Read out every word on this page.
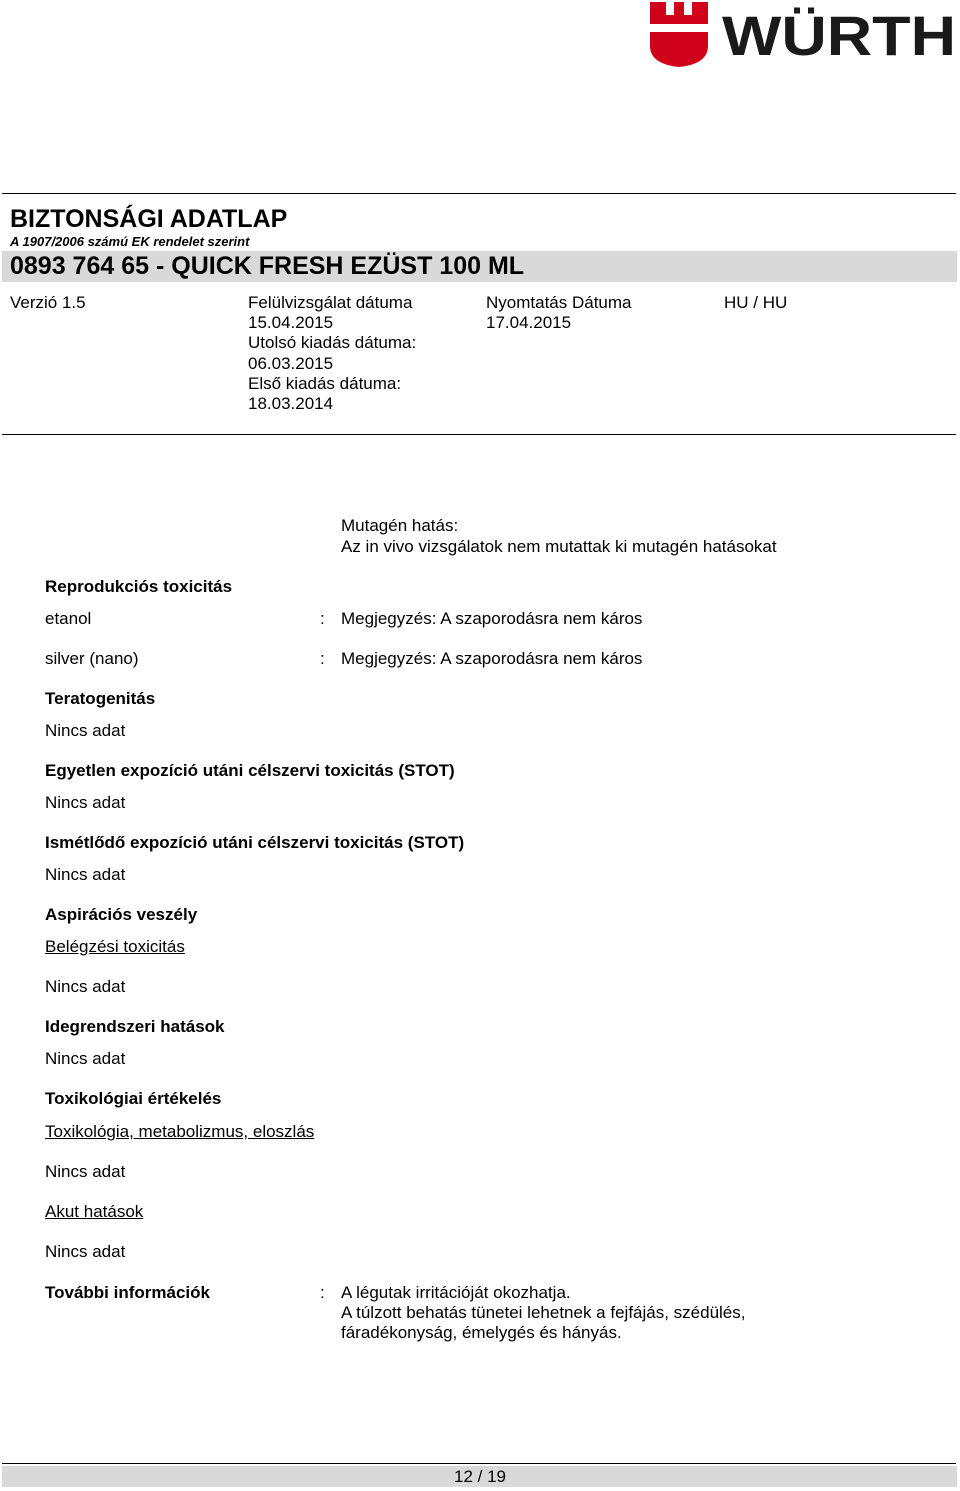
WÜRTH
BIZTONSÁGI ADATLAP
A 1907/2006 számú EK rendelet szerint
0893 764 65 - QUICK FRESH EZÜST 100 ML
Verzió 1.5	Felülvizsgálat dátuma
15.04.2015
Utolsó kiadás dátuma:
06.03.2015
Első kiadás dátuma:
18.03.2014
Nyomtatás Dátuma
17.04.2015
HU / HU
Mutagén hatás:
Az in vivo vizsgálatok nem mutattak ki mutagén hatásokat
Reprodukciós toxicitás
etanol	: Megjegyzés: A szaporodásra nem káros
silver (nano)	: Megjegyzés: A szaporodásra nem káros
Teratogenitás
Nincs adat
Egyetlen expozíció utáni célszervi toxicitás (STOT)
Nincs adat
Ismétlődő expozíció utáni célszervi toxicitás (STOT)
Nincs adat
Aspirációs veszély
Belégzési toxicitás
Nincs adat
Idegrendszeri hatások
Nincs adat
Toxikológiai értékelés
Toxikológia, metabolizmus, eloszlás
Nincs adat
Akut hatások
Nincs adat
További információk	: A légutak irritációját okozhatja.
A túlzott behatás tünetei lehetnek a fejfájás, szédülés,
fáradékonyság, émelygés és hányás.
12 / 19
